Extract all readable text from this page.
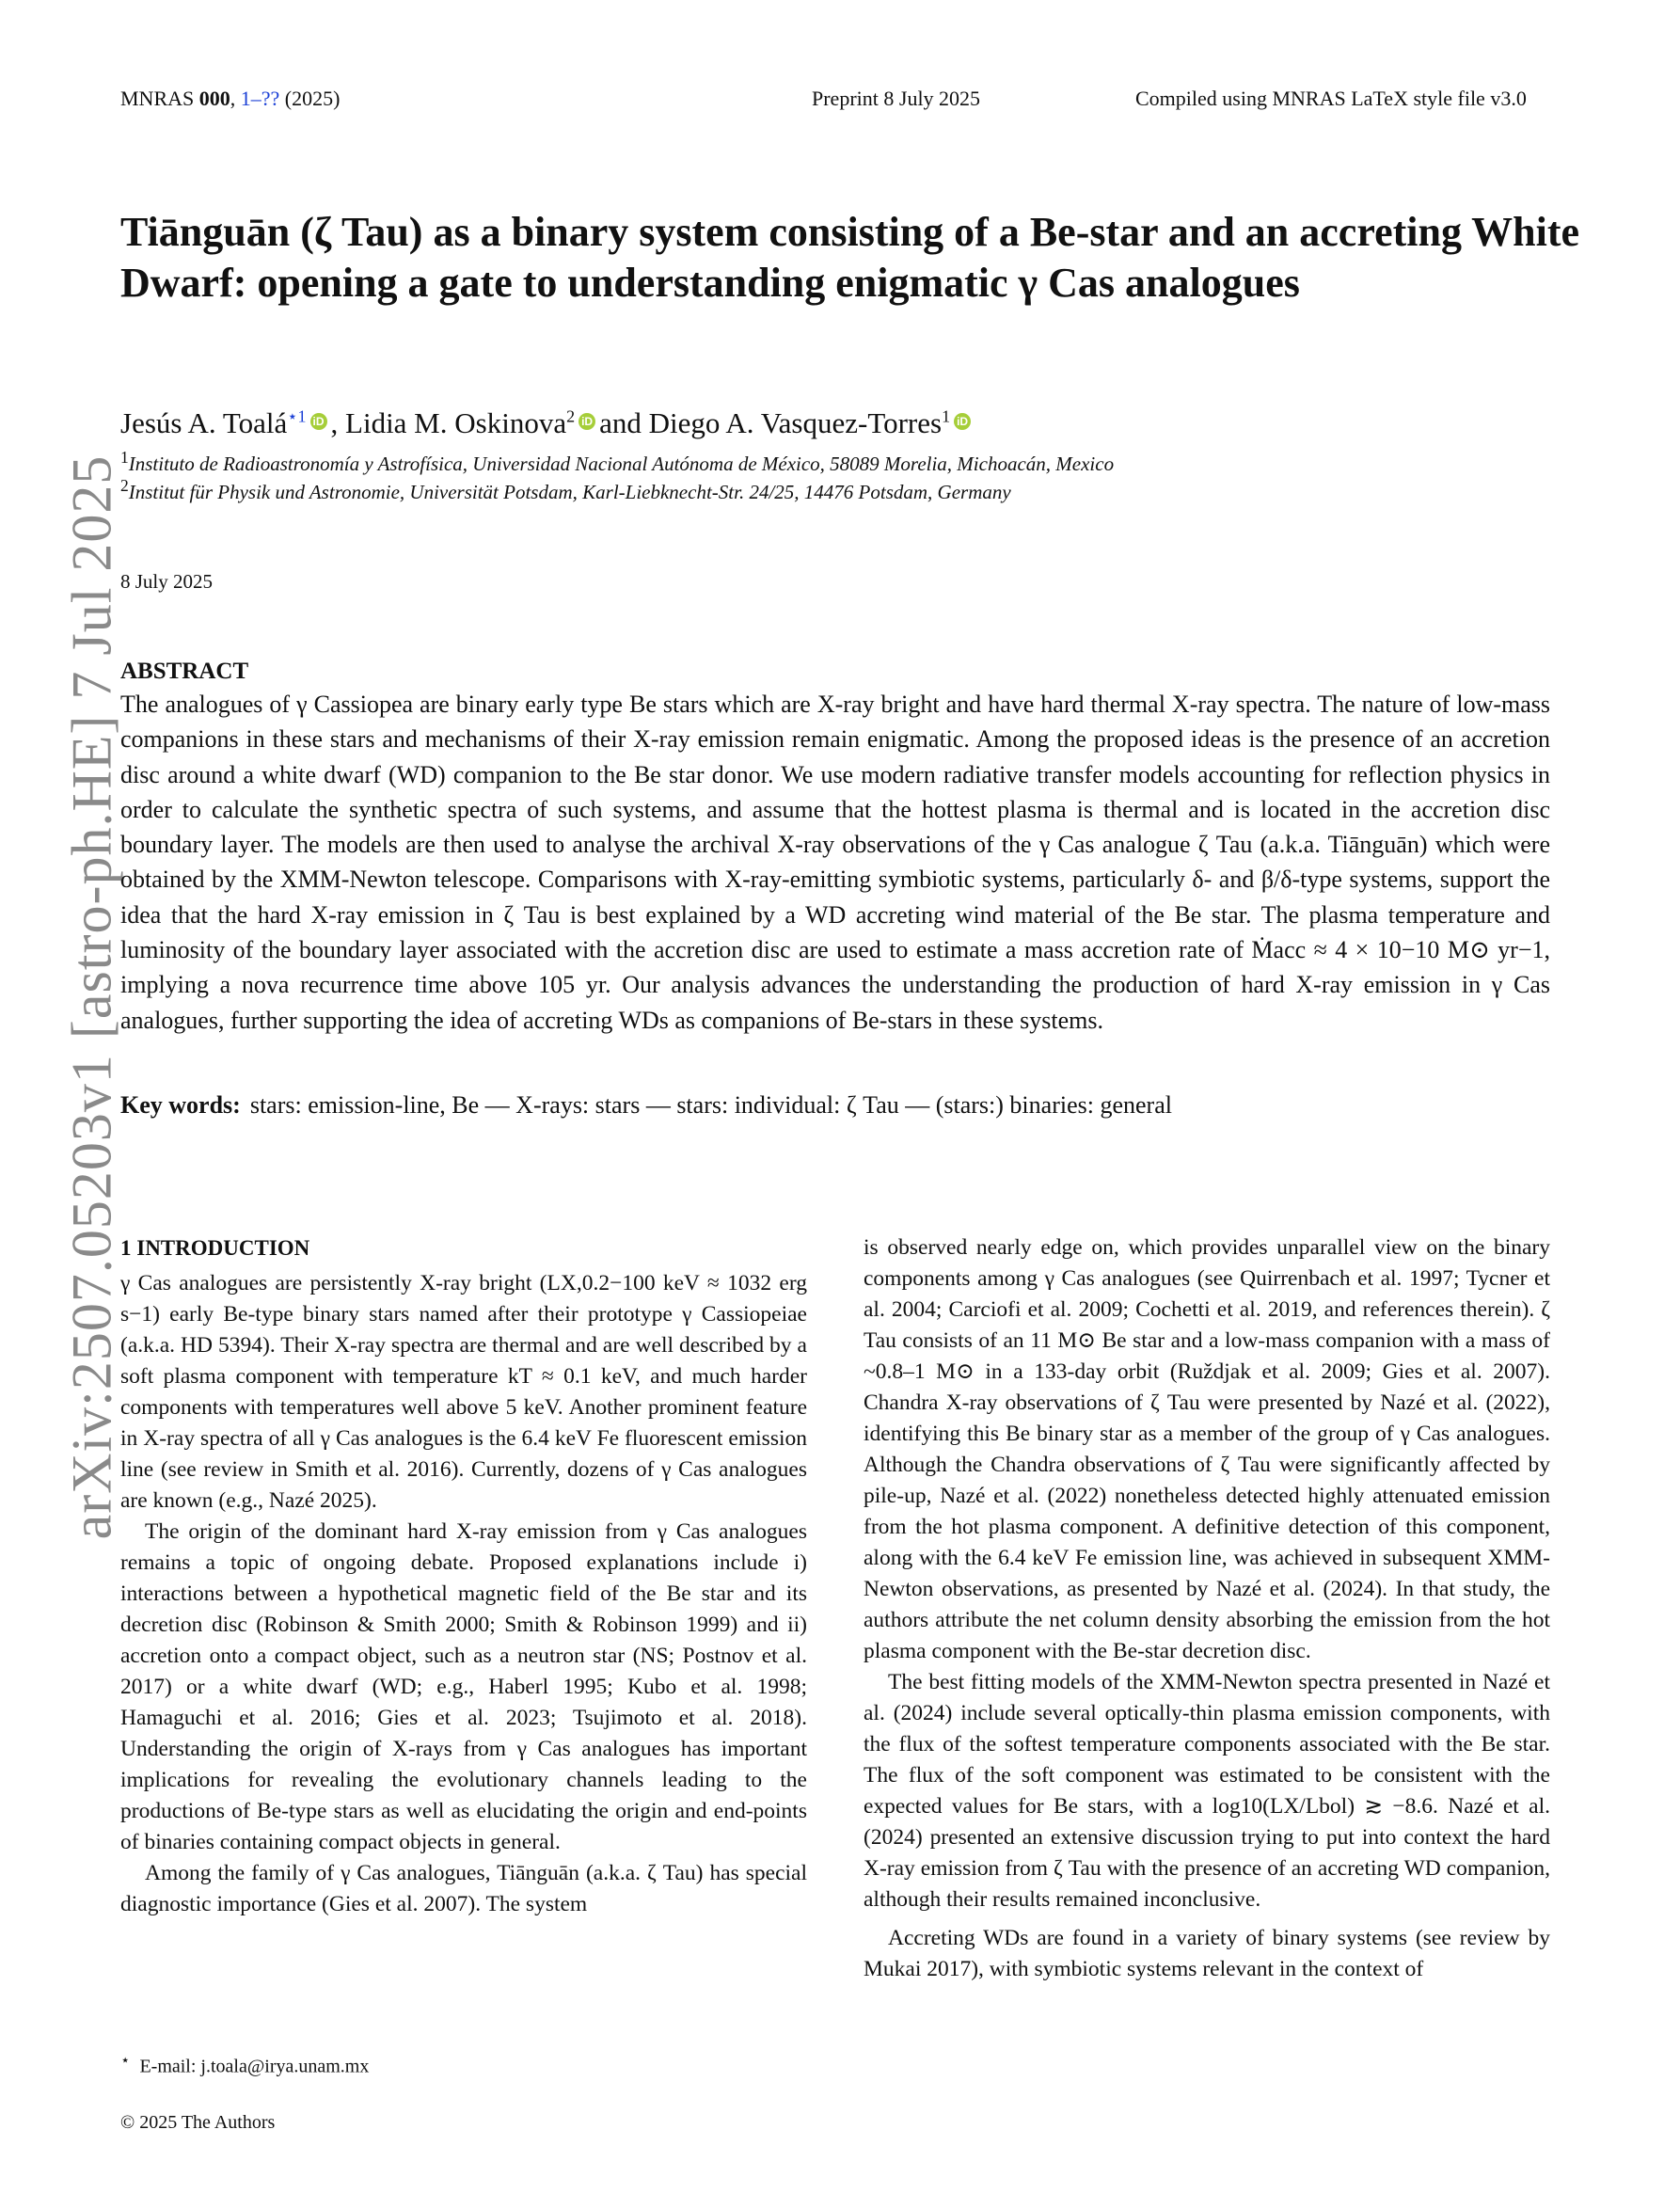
MNRAS 000, 1–?? (2025)	Preprint 8 July 2025	Compiled using MNRAS LaTeX style file v3.0
arXiv:2507.05203v1 [astro-ph.HE] 7 Jul 2025
Tiānguān (ζ Tau) as a binary system consisting of a Be-star and an accreting White Dwarf: opening a gate to understanding enigmatic γ Cas analogues
Jesús A. Toalá$^{⋆1}$ iD , Lidia M. Oskinova$^2$ iD and Diego A. Vasquez-Torres$^1$ iD
$^1$Instituto de Radioastronomía y Astrofísica, Universidad Nacional Autónoma de México, 58089 Morelia, Michoacán, Mexico
$^2$Institut für Physik und Astronomie, Universität Potsdam, Karl-Liebknecht-Str. 24/25, 14476 Potsdam, Germany
8 July 2025
ABSTRACT
The analogues of γ Cassiopea are binary early type Be stars which are X-ray bright and have hard thermal X-ray spectra. The nature of low-mass companions in these stars and mechanisms of their X-ray emission remain enigmatic. Among the proposed ideas is the presence of an accretion disc around a white dwarf (WD) companion to the Be star donor. We use modern radiative transfer models accounting for reflection physics in order to calculate the synthetic spectra of such systems, and assume that the hottest plasma is thermal and is located in the accretion disc boundary layer. The models are then used to analyse the archival X-ray observations of the γ Cas analogue ζ Tau (a.k.a. Tiānguān) which were obtained by the XMM-Newton telescope. Comparisons with X-ray-emitting symbiotic systems, particularly δ- and β/δ-type systems, support the idea that the hard X-ray emission in ζ Tau is best explained by a WD accreting wind material of the Be star. The plasma temperature and luminosity of the boundary layer associated with the accretion disc are used to estimate a mass accretion rate of Ṁacc ≈ 4 × 10−10 M⊙ yr−1, implying a nova recurrence time above 105 yr. Our analysis advances the understanding the production of hard X-ray emission in γ Cas analogues, further supporting the idea of accreting WDs as companions of Be-stars in these systems.
Key words: stars: emission-line, Be — X-rays: stars — stars: individual: ζ Tau — (stars:) binaries: general
1 INTRODUCTION

γ Cas analogues are persistently X-ray bright (LX,0.2−100 keV ≈ 1032 erg s−1) early Be-type binary stars named after their prototype γ Cassiopeiae (a.k.a. HD 5394). Their X-ray spectra are thermal and are well described by a soft plasma component with temperature kT ≈ 0.1 keV, and much harder components with temperatures well above 5 keV. Another prominent feature in X-ray spectra of all γ Cas analogues is the 6.4 keV Fe fluorescent emission line (see review in Smith et al. 2016). Currently, dozens of γ Cas analogues are known (e.g., Nazé 2025).

The origin of the dominant hard X-ray emission from γ Cas analogues remains a topic of ongoing debate. Proposed explanations include i) interactions between a hypothetical magnetic field of the Be star and its decretion disc (Robinson & Smith 2000; Smith & Robinson 1999) and ii) accretion onto a compact object, such as a neutron star (NS; Postnov et al. 2017) or a white dwarf (WD; e.g., Haberl 1995; Kubo et al. 1998; Hamaguchi et al. 2016; Gies et al. 2023; Tsujimoto et al. 2018). Understanding the origin of X-rays from γ Cas analogues has important implications for revealing the evolutionary channels leading to the productions of Be-type stars as well as elucidating the origin and end-points of binaries containing compact objects in general.

Among the family of γ Cas analogues, Tiānguān (a.k.a. ζ Tau) has special diagnostic importance (Gies et al. 2007). The system

is observed nearly edge on, which provides unparallel view on the binary components among γ Cas analogues (see Quirrenbach et al. 1997; Tycner et al. 2004; Carciofi et al. 2009; Cochetti et al. 2019, and references therein). ζ Tau consists of an 11 M⊙ Be star and a low-mass companion with a mass of ~0.8–1 M⊙ in a 133-day orbit (Ruždjak et al. 2009; Gies et al. 2007). Chandra X-ray observations of ζ Tau were presented by Nazé et al. (2022), identifying this Be binary star as a member of the group of γ Cas analogues. Although the Chandra observations of ζ Tau were significantly affected by pile-up, Nazé et al. (2022) nonetheless detected highly attenuated emission from the hot plasma component. A definitive detection of this component, along with the 6.4 keV Fe emission line, was achieved in subsequent XMM-Newton observations, as presented by Nazé et al. (2024). In that study, the authors attribute the net column density absorbing the emission from the hot plasma component with the Be-star decretion disc.

The best fitting models of the XMM-Newton spectra presented in Nazé et al. (2024) include several optically-thin plasma emission components, with the flux of the softest temperature components associated with the Be star. The flux of the soft component was estimated to be consistent with the expected values for Be stars, with a log10(LX/Lbol) ≳ −8.6. Nazé et al. (2024) presented an extensive discussion trying to put into context the hard X-ray emission from ζ Tau with the presence of an accreting WD companion, although their results remained inconclusive.

Accreting WDs are found in a variety of binary systems (see review by Mukai 2017), with symbiotic systems relevant in the context of

⋆ E-mail: j.toala@irya.unam.mx
© 2025 The Authors
